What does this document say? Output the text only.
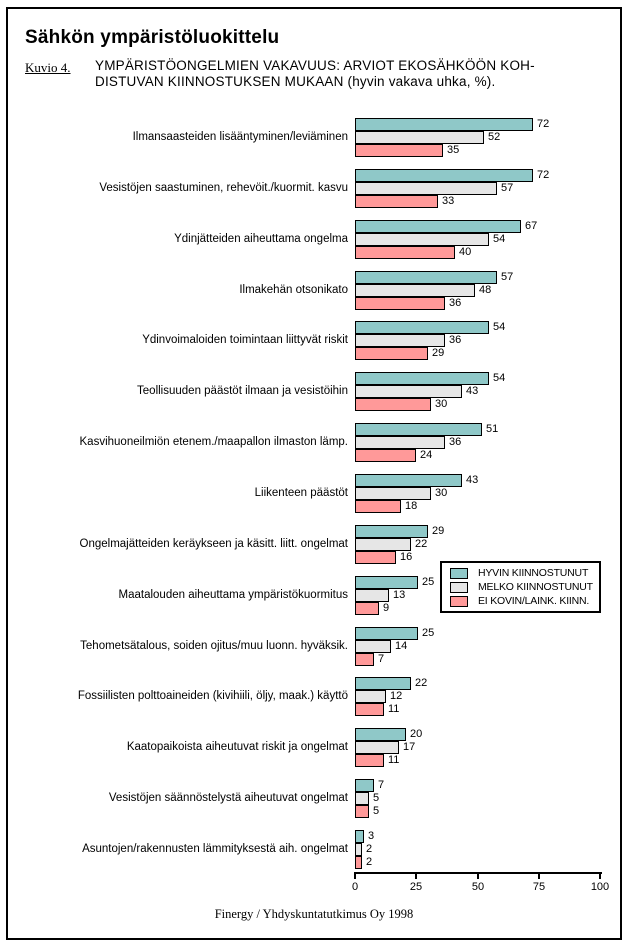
Sähkön ympäristöluokittelu
Kuvio 4. YMPÄRISTÖONGELMIEN VAKAVUUS: ARVIOT EKOSÄHKÖÖN KOH-
DISTUVAN KIINNOSTUKSEN MUKAAN (hyvin vakava uhka, %).
Ilmansaasteiden lisääntyminen/leviäminen
72
52
35
Vesistöjen saastuminen, rehevöit./kuormit. kasvu
72
57
33
Ydinjätteiden aiheuttama ongelma
67
54
40
Ilmakehän otsonikato
57
48
36
Ydinvoimaloiden toimintaan liittyvät riskit
54
36
29
Teollisuuden päästöt ilmaan ja vesistöihin
54
43
30
Kasvihuoneilmiön etenem./maapallon ilmaston lämp.
51
36
24
Liikenteen päästöt
43
30
18
Ongelmajätteiden keräykseen ja käsitt. liitt. ongelmat
29
22
16
Maatalouden aiheuttama ympäristökuormitus
25
13
9
Tehometsätalous, soiden ojitus/muu luonn. hyväksik.
25
14
7
Fossiilisten polttoaineiden (kivihiili, öljy, maak.) käyttö
22
12
11
Kaatopaikoista aiheutuvat riskit ja ongelmat
20
17
11
Vesistöjen säännöstelystä aiheutuvat ongelmat
7
5
5
Asuntojen/rakennusten lämmityksestä aih. ongelmat
3
2
2
0	25	50	75	100
HYVIN KIINNOSTUNUT
MELKO KIINNOSTUNUT
EI KOVIN/LAINK. KIINN.
Finergy / Yhdyskuntatutkimus Oy 1998
